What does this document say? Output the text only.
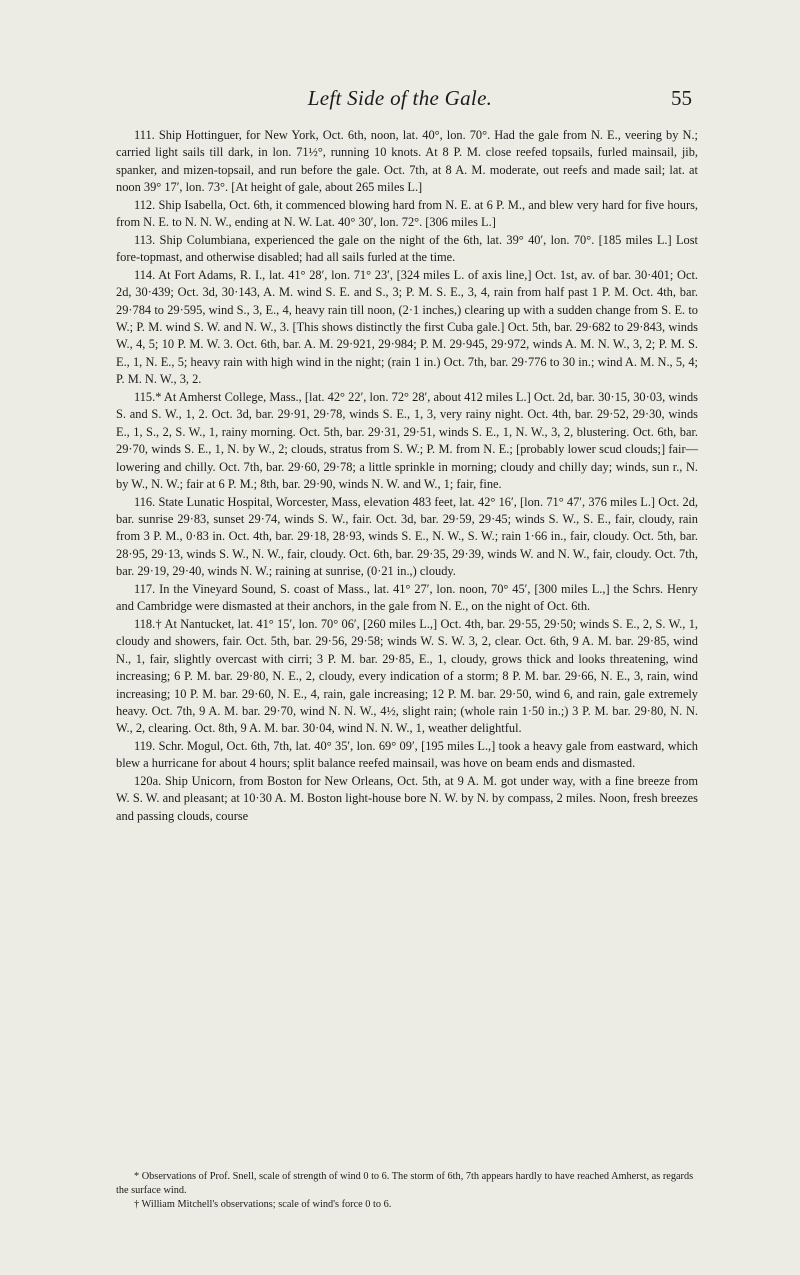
Left Side of the Gale.	55

111. Ship Hottinguer, for New York, Oct. 6th, noon, lat. 40°, lon. 70°. Had the gale from N. E., veering by N.; carried light sails till dark, in lon. 71½°, running 10 knots. At 8 P. M. close reefed topsails, furled mainsail, jib, spanker, and mizen-topsail, and run before the gale. Oct. 7th, at 8 A. M. moderate, out reefs and made sail; lat. at noon 39° 17′, lon. 73°. [At height of gale, about 265 miles L.]

112. Ship Isabella, Oct. 6th, it commenced blowing hard from N. E. at 6 P. M., and blew very hard for five hours, from N. E. to N. N. W., ending at N. W. Lat. 40° 30′, lon. 72°. [306 miles L.]

113. Ship Columbiana, experienced the gale on the night of the 6th, lat. 39° 40′, lon. 70°. [185 miles L.] Lost fore-topmast, and otherwise disabled; had all sails furled at the time.

114. At Fort Adams, R. I., lat. 41° 28′, lon. 71° 23′, [324 miles L. of axis line,] Oct. 1st, av. of bar. 30·401; Oct. 2d, 30·439; Oct. 3d, 30·143, A. M. wind S. E. and S., 3; P. M. S. E., 3, 4, rain from half past 1 P. M. Oct. 4th, bar. 29·784 to 29·595, wind S., 3, E., 4, heavy rain till noon, (2·1 inches,) clearing up with a sudden change from S. E. to W.; P. M. wind S. W. and N. W., 3. [This shows distinctly the first Cuba gale.] Oct. 5th, bar. 29·682 to 29·843, winds W., 4, 5; 10 P. M. W. 3. Oct. 6th, bar. A. M. 29·921, 29·984; P. M. 29·945, 29·972, winds A. M. N. W., 3, 2; P. M. S. E., 1, N. E., 5; heavy rain with high wind in the night; (rain 1 in.) Oct. 7th, bar. 29·776 to 30 in.; wind A. M. N., 5, 4; P. M. N. W., 3, 2.

115.* At Amherst College, Mass., [lat. 42° 22′, lon. 72° 28′, about 412 miles L.] Oct. 2d, bar. 30·15, 30·03, winds S. and S. W., 1, 2. Oct. 3d, bar. 29·91, 29·78, winds S. E., 1, 3, very rainy night. Oct. 4th, bar. 29·52, 29·30, winds E., 1, S., 2, S. W., 1, rainy morning. Oct. 5th, bar. 29·31, 29·51, winds S. E., 1, N. W., 3, 2, blustering. Oct. 6th, bar. 29·70, winds S. E., 1, N. by W., 2; clouds, stratus from S. W.; P. M. from N. E.; [probably lower scud clouds;] fair—lowering and chilly. Oct. 7th, bar. 29·60, 29·78; a little sprinkle in morning; cloudy and chilly day; winds, sun r., N. by W., N. W.; fair at 6 P. M.; 8th, bar. 29·90, winds N. W. and W., 1; fair, fine.

116. State Lunatic Hospital, Worcester, Mass, elevation 483 feet, lat. 42° 16′, [lon. 71° 47′, 376 miles L.] Oct. 2d, bar. sunrise 29·83, sunset 29·74, winds S. W., fair. Oct. 3d, bar. 29·59, 29·45; winds S. W., S. E., fair, cloudy, rain from 3 P. M., 0·83 in. Oct. 4th, bar. 29·18, 28·93, winds S. E., N. W., S. W.; rain 1·66 in., fair, cloudy. Oct. 5th, bar. 28·95, 29·13, winds S. W., N. W., fair, cloudy. Oct. 6th, bar. 29·35, 29·39, winds W. and N. W., fair, cloudy. Oct. 7th, bar. 29·19, 29·40, winds N. W.; raining at sunrise, (0·21 in.,) cloudy.

117. In the Vineyard Sound, S. coast of Mass., lat. 41° 27′, lon. noon, 70° 45′, [300 miles L.,] the Schrs. Henry and Cambridge were dismasted at their anchors, in the gale from N. E., on the night of Oct. 6th.

118.† At Nantucket, lat. 41° 15′, lon. 70° 06′, [260 miles L.,] Oct. 4th, bar. 29·55, 29·50; winds S. E., 2, S. W., 1, cloudy and showers, fair. Oct. 5th, bar. 29·56, 29·58; winds W. S. W. 3, 2, clear. Oct. 6th, 9 A. M. bar. 29·85, wind N., 1, fair, slightly overcast with cirri; 3 P. M. bar. 29·85, E., 1, cloudy, grows thick and looks threatening, wind increasing; 6 P. M. bar. 29·80, N. E., 2, cloudy, every indication of a storm; 8 P. M. bar. 29·66, N. E., 3, rain, wind increasing; 10 P. M. bar. 29·60, N. E., 4, rain, gale increasing; 12 P. M. bar. 29·50, wind 6, and rain, gale extremely heavy. Oct. 7th, 9 A. M. bar. 29·70, wind N. N. W., 4½, slight rain; (whole rain 1·50 in.;) 3 P. M. bar. 29·80, N. N. W., 2, clearing. Oct. 8th, 9 A. M. bar. 30·04, wind N. N. W., 1, weather delightful.

119. Schr. Mogul, Oct. 6th, 7th, lat. 40° 35′, lon. 69° 09′, [195 miles L.,] took a heavy gale from eastward, which blew a hurricane for about 4 hours; split balance reefed mainsail, was hove on beam ends and dismasted.

120a. Ship Unicorn, from Boston for New Orleans, Oct. 5th, at 9 A. M. got under way, with a fine breeze from W. S. W. and pleasant; at 10·30 A. M. Boston light-house bore N. W. by N. by compass, 2 miles. Noon, fresh breezes and passing clouds, course

* Observations of Prof. Snell, scale of strength of wind 0 to 6. The storm of 6th, 7th appears hardly to have reached Amherst, as regards the surface wind.

† William Mitchell's observations; scale of wind's force 0 to 6.
